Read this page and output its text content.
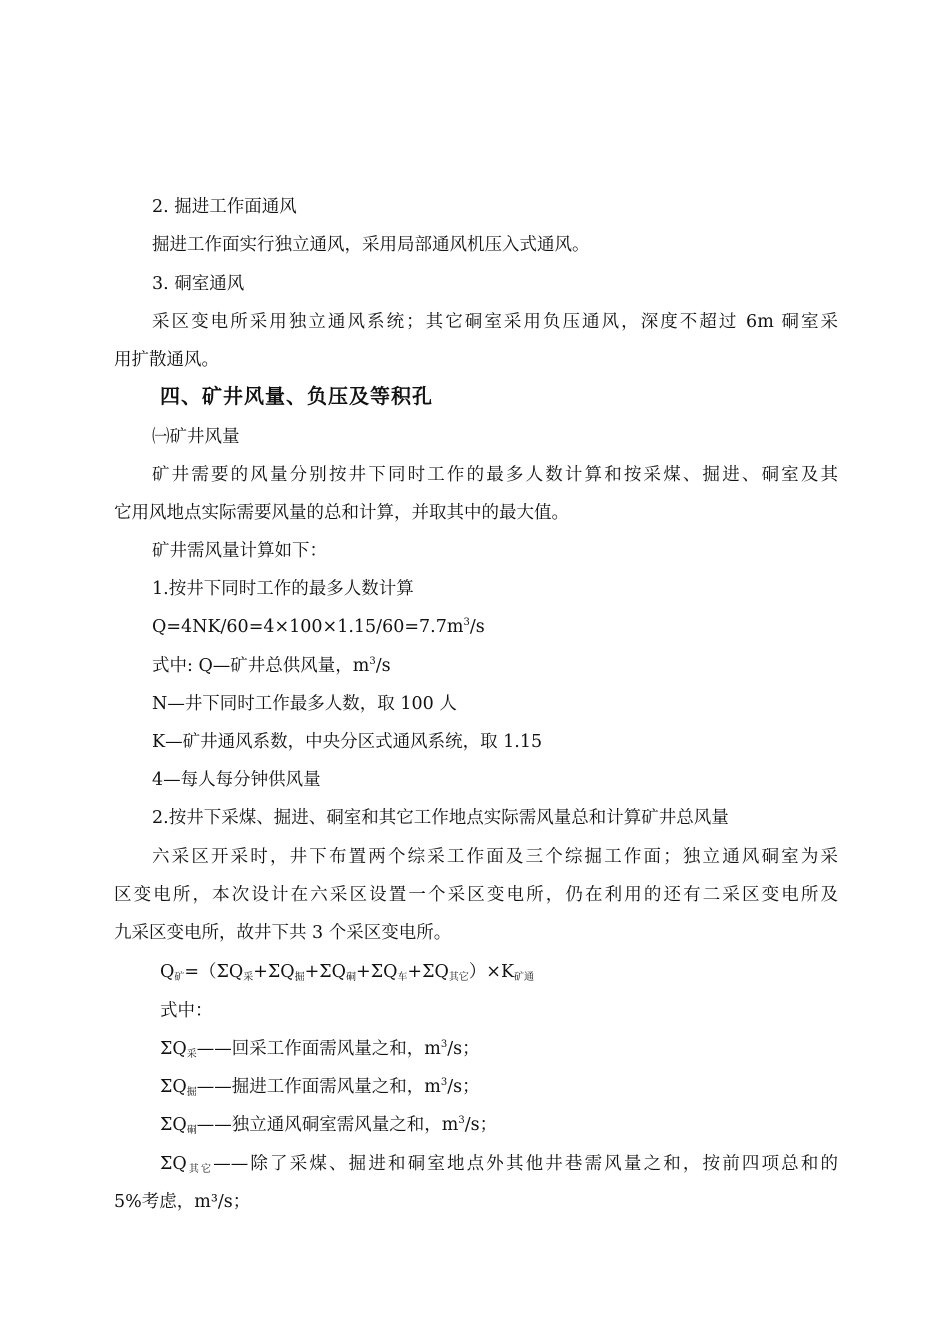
2. 掘进工作面通风
掘进工作面实行独立通风，采用局部通风机压入式通风。
3. 硐室通风
采区变电所采用独立通风系统；其它硐室采用负压通风，深度不超过 6m 硐室采
用扩散通风。
四、矿井风量、负压及等积孔
㈠矿井风量
矿井需要的风量分别按井下同时工作的最多人数计算和按采煤、掘进、硐室及其
它用风地点实际需要风量的总和计算，并取其中的最大值。
矿井需风量计算如下：
1.按井下同时工作的最多人数计算
$Q=4NK/60=4\times 100\times 1.15/60=7.7m^3/s$
式中: Q—矿井总供风量，$m^3/s$
N—井下同时工作最多人数，取 100 人
K—矿井通风系数，中央分区式通风系统，取 1.15
4—每人每分钟供风量
2.按井下采煤、掘进、硐室和其它工作地点实际需风量总和计算矿井总风量
六采区开采时，井下布置两个综采工作面及三个综掘工作面；独立通风硐室为采
区变电所，本次设计在六采区设置一个采区变电所，仍在利用的还有二采区变电所及
九采区变电所，故井下共 3 个采区变电所。
Q矿=（ΣQ采+ΣQ掘+ΣQ硐+ΣQ车+ΣQ其它）×K矿通
式中：
ΣQ采——回采工作面需风量之和，$m^3/s$；
ΣQ掘——掘进工作面需风量之和，$m^3/s$；
ΣQ硐——独立通风硐室需风量之和，$m^3/s$；
ΣQ其它——除了采煤、掘进和硐室地点外其他井巷需风量之和，按前四项总和的
5%考虑，m³/s；
